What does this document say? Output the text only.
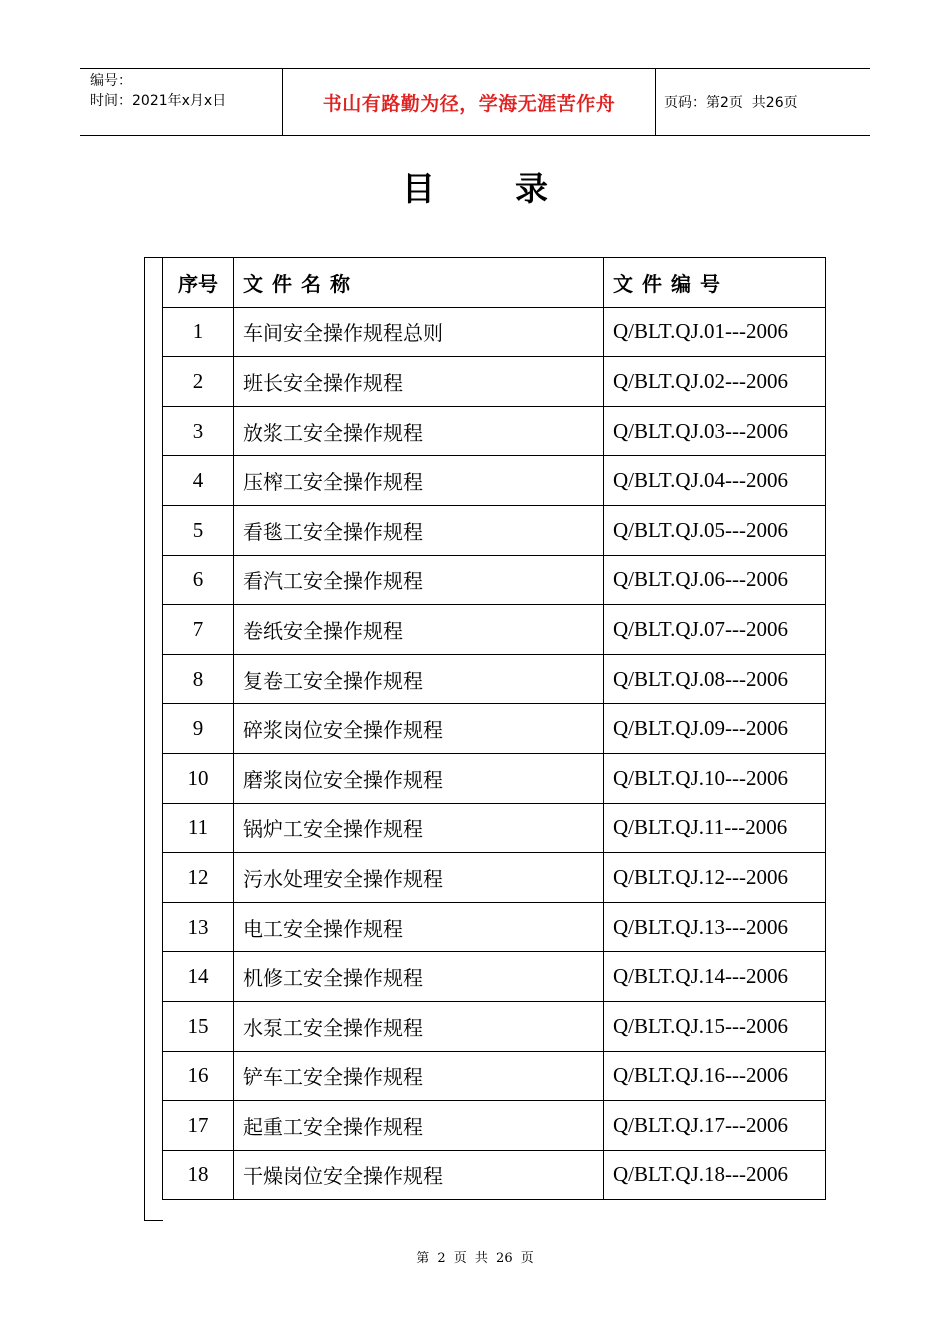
编号：
时间：2021年x月x日	书山有路勤为径，学海无涯苦作舟	页码：第2页  共26页
目 录
序号	文件名称	文件编号
1	车间安全操作规程总则	Q/BLT.QJ.01---2006
2	班长安全操作规程	Q/BLT.QJ.02---2006
3	放浆工安全操作规程	Q/BLT.QJ.03---2006
4	压榨工安全操作规程	Q/BLT.QJ.04---2006
5	看毯工安全操作规程	Q/BLT.QJ.05---2006
6	看汽工安全操作规程	Q/BLT.QJ.06---2006
7	卷纸安全操作规程	Q/BLT.QJ.07---2006
8	复卷工安全操作规程	Q/BLT.QJ.08---2006
9	碎浆岗位安全操作规程	Q/BLT.QJ.09---2006
10	磨浆岗位安全操作规程	Q/BLT.QJ.10---2006
11	锅炉工安全操作规程	Q/BLT.QJ.11---2006
12	污水处理安全操作规程	Q/BLT.QJ.12---2006
13	电工安全操作规程	Q/BLT.QJ.13---2006
14	机修工安全操作规程	Q/BLT.QJ.14---2006
15	水泵工安全操作规程	Q/BLT.QJ.15---2006
16	铲车工安全操作规程	Q/BLT.QJ.16---2006
17	起重工安全操作规程	Q/BLT.QJ.17---2006
18	干燥岗位安全操作规程	Q/BLT.QJ.18---2006
第 2 页 共 26 页
